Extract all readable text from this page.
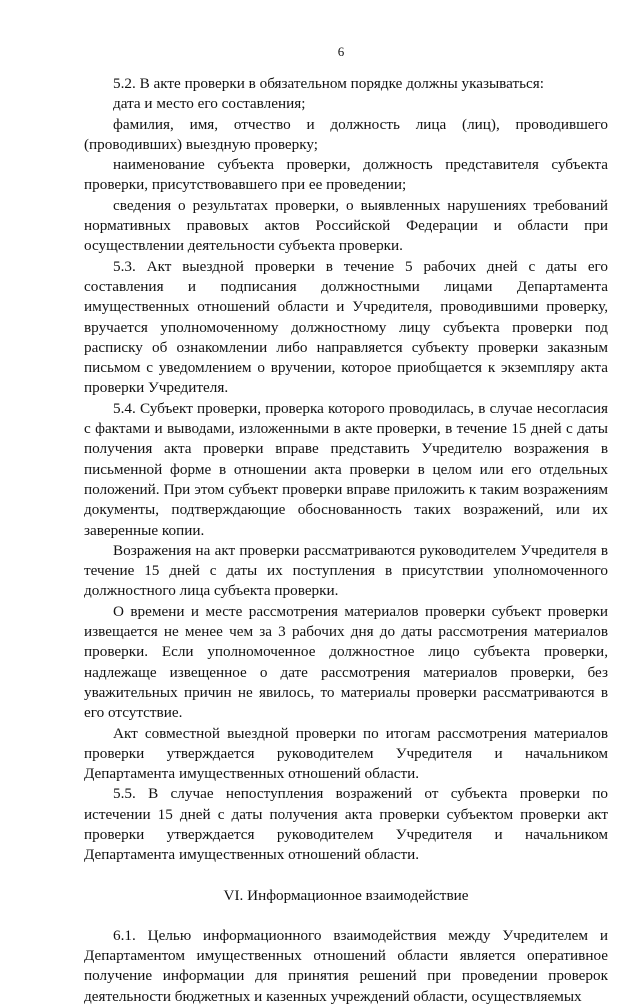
6

5.2. В акте проверки в обязательном порядке должны указываться:

дата и место его составления;

фамилия, имя, отчество и должность лица (лиц), проводившего (проводивших) выездную проверку;

наименование субъекта проверки, должность представителя субъекта проверки, присутствовавшего при ее проведении;

сведения о результатах проверки, о выявленных нарушениях требований нормативных правовых актов Российской Федерации и области при осуществлении деятельности субъекта проверки.

5.3. Акт выездной проверки в течение 5 рабочих дней с даты его составления и подписания должностными лицами Департамента имущественных отношений области и Учредителя, проводившими проверку, вручается уполномоченному должностному лицу субъекта проверки под расписку об ознакомлении либо направляется субъекту проверки заказным письмом с уведомлением о вручении, которое приобщается к экземпляру акта проверки Учредителя.

5.4. Субъект проверки, проверка которого проводилась, в случае несогласия с фактами и выводами, изложенными в акте проверки, в течение 15 дней с даты получения акта проверки вправе представить Учредителю возражения в письменной форме в отношении акта проверки в целом или его отдельных положений. При этом субъект проверки вправе приложить к таким возражениям документы, подтверждающие обоснованность таких возражений, или их заверенные копии.

Возражения на акт проверки рассматриваются руководителем Учредителя в течение 15 дней с даты их поступления в присутствии уполномоченного должностного лица субъекта проверки.

О времени и месте рассмотрения материалов проверки субъект проверки извещается не менее чем за 3 рабочих дня до даты рассмотрения материалов проверки. Если уполномоченное должностное лицо субъекта проверки, надлежаще извещенное о дате рассмотрения материалов проверки, без уважительных причин не явилось, то материалы проверки рассматриваются в его отсутствие.

Акт совместной выездной проверки по итогам рассмотрения материалов проверки утверждается руководителем Учредителя и начальником Департамента имущественных отношений области.

5.5. В случае непоступления возражений от субъекта проверки по истечении 15 дней с даты получения акта проверки субъектом проверки акт проверки утверждается руководителем Учредителя и начальником Департамента имущественных отношений области.

VI. Информационное взаимодействие

6.1. Целью информационного взаимодействия между Учредителем и Департаментом имущественных отношений области является оперативное получение информации для принятия решений при проведении проверок деятельности бюджетных и казенных учреждений области, осуществляемых
